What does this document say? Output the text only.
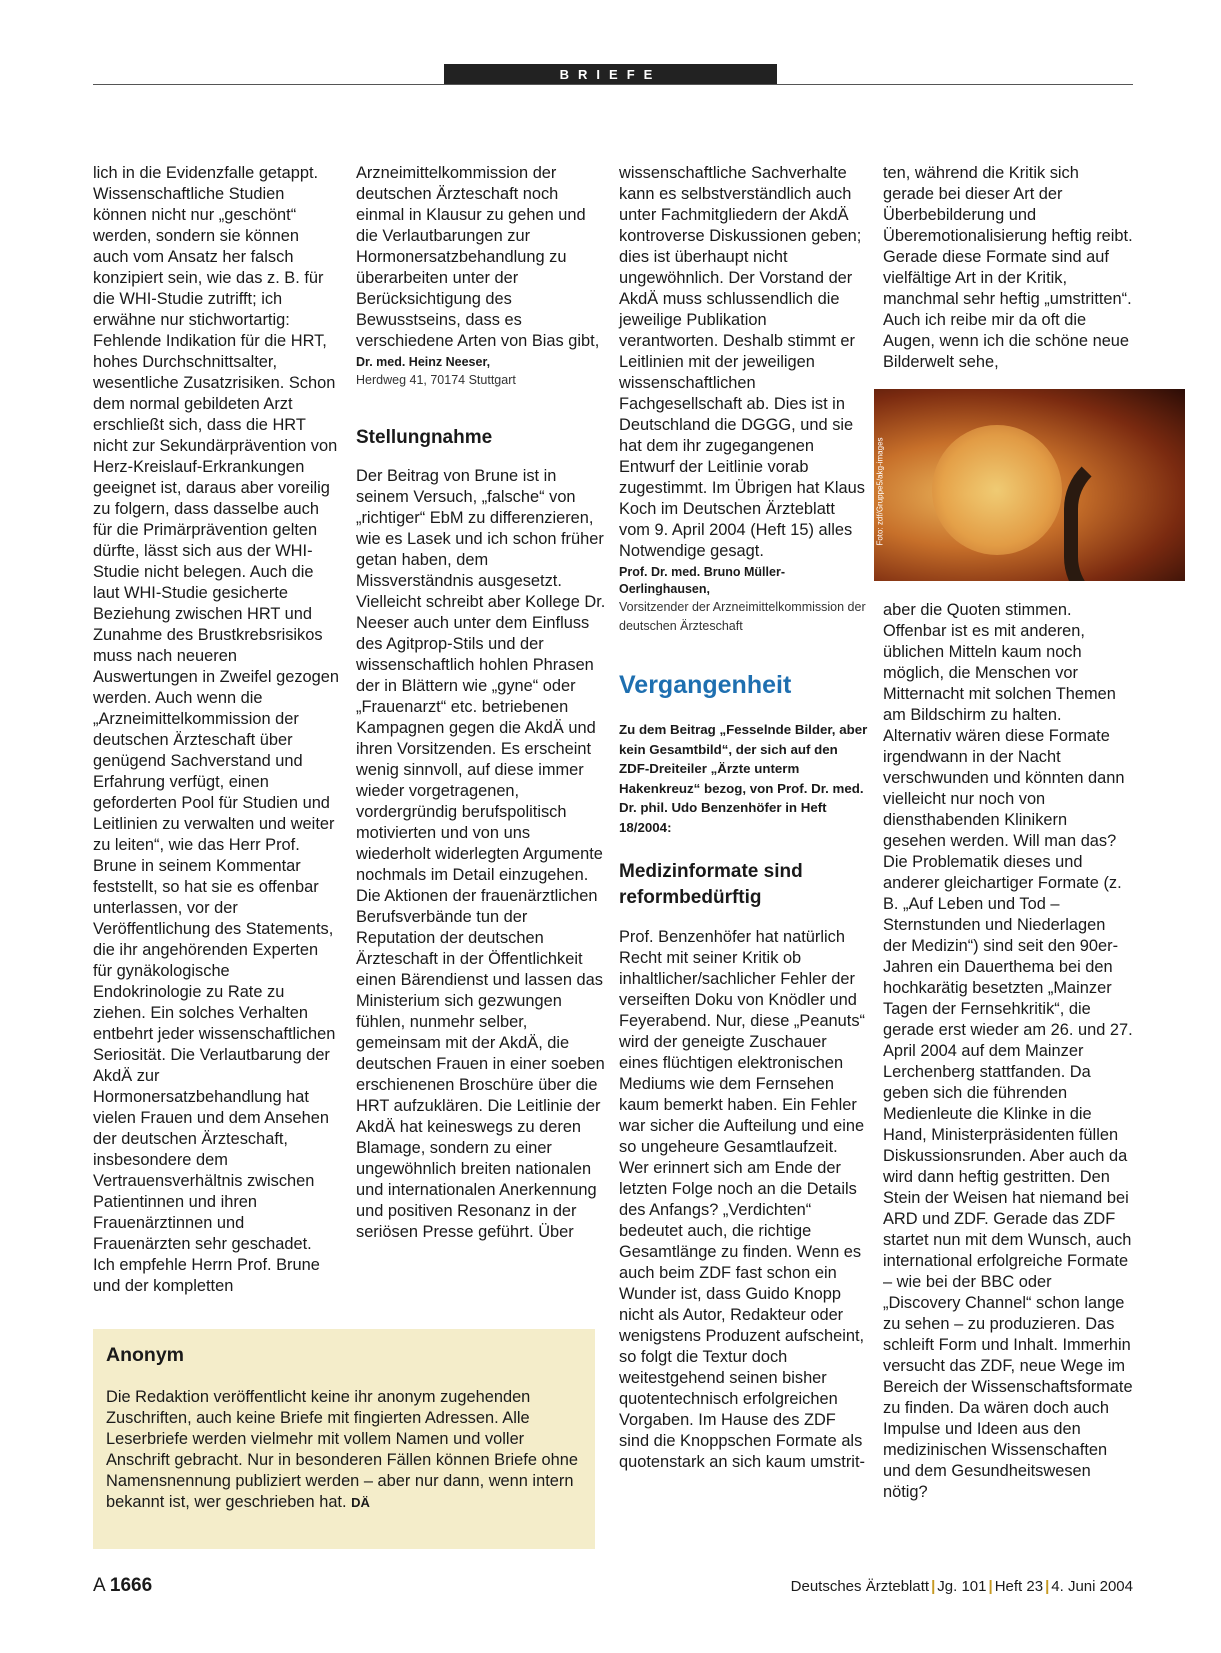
BRIEFE

lich in die Evidenzfalle getappt.

Wissenschaftliche Studien können nicht nur „geschönt“ werden, sondern sie können auch vom Ansatz her falsch konzipiert sein, wie das z. B. für die WHI-Studie zutrifft; ich erwähne nur stichwortartig: Fehlende Indikation für die HRT, hohes Durchschnittsalter, wesentliche Zusatzrisiken. Schon dem normal gebildeten Arzt erschließt sich, dass die HRT nicht zur Sekundärprävention von Herz-Kreislauf-Erkrankungen geeignet ist, daraus aber voreilig zu folgern, dass dasselbe auch für die Primärprävention gelten dürfte, lässt sich aus der WHI-Studie nicht belegen. Auch die laut WHI-Studie gesicherte Beziehung zwischen HRT und Zunahme des Brustkrebsrisikos muss nach neueren Auswertungen in Zweifel gezogen werden. Auch wenn die „Arzneimittelkommission der deutschen Ärzteschaft über genügend Sachverstand und Erfahrung verfügt, einen geforderten Pool für Studien und Leitlinien zu verwalten und weiter zu leiten“, wie das Herr Prof. Brune in seinem Kommentar feststellt, so hat sie es offenbar unterlassen, vor der Veröffentlichung des Statements, die ihr angehörenden Experten für gynäkologische Endokrinologie zu Rate zu ziehen. Ein solches Verhalten entbehrt jeder wissenschaftlichen Seriosität. Die Verlautbarung der AkdÄ zur Hormonersatzbehandlung hat vielen Frauen und dem Ansehen der deutschen Ärzteschaft, insbesondere dem Vertrauensverhältnis zwischen Patientinnen und ihren Frauenärztinnen und Frauenärzten sehr geschadet.

Ich empfehle Herrn Prof. Brune und der kompletten

Arzneimittelkommission der deutschen Ärzteschaft noch einmal in Klausur zu gehen und die Verlautbarungen zur Hormonersatzbehandlung zu überarbeiten unter der Berücksichtigung des Bewusstseins, dass es verschiedene Arten von Bias gibt,

Dr. med. Heinz Neeser,

Herdweg 41, 70174 Stuttgart

Stellungnahme

Der Beitrag von Brune ist in seinem Versuch, „falsche“ von „richtiger“ EbM zu differenzieren, wie es Lasek und ich schon früher getan haben, dem Missverständnis ausgesetzt. Vielleicht schreibt aber Kollege Dr. Neeser auch unter dem Einfluss des Agitprop-Stils und der wissenschaftlich hohlen Phrasen der in Blättern wie „gyne“ oder „Frauenarzt“ etc. betriebenen Kampagnen gegen die AkdÄ und ihren Vorsitzenden. Es erscheint wenig sinnvoll, auf diese immer wieder vorgetragenen, vordergründig berufspolitisch motivierten und von uns wiederholt widerlegten Argumente nochmals im Detail einzugehen. Die Aktionen der frauenärztlichen Berufsverbände tun der Reputation der deutschen Ärzteschaft in der Öffentlichkeit einen Bärendienst und lassen das Ministerium sich gezwungen fühlen, nunmehr selber, gemeinsam mit der AkdÄ, die deutschen Frauen in einer soeben erschienenen Broschüre über die HRT aufzuklären. Die Leitlinie der AkdÄ hat keineswegs zu deren Blamage, sondern zu einer ungewöhnlich breiten nationalen und internationalen Anerkennung und positiven Resonanz in der seriösen Presse geführt. Über

wissenschaftliche Sachverhalte kann es selbstverständlich auch unter Fachmitgliedern der AkdÄ kontroverse Diskussionen geben; dies ist überhaupt nicht ungewöhnlich. Der Vorstand der AkdÄ muss schlussendlich die jeweilige Publikation verantworten. Deshalb stimmt er Leitlinien mit der jeweiligen wissenschaftlichen Fachgesellschaft ab. Dies ist in Deutschland die DGGG, und sie hat dem ihr zugegangenen Entwurf der Leitlinie vorab zugestimmt. Im Übrigen hat Klaus Koch im Deutschen Ärzteblatt vom 9. April 2004 (Heft 15) alles Notwendige gesagt.

Prof. Dr. med. Bruno Müller-Oerlinghausen,

Vorsitzender der Arzneimittelkommission der deutschen Ärzteschaft

Vergangenheit

Zu dem Beitrag „Fesselnde Bilder, aber kein Gesamtbild“, der sich auf den ZDF-Dreiteiler „Ärzte unterm Hakenkreuz“ bezog, von Prof. Dr. med. Dr. phil. Udo Benzenhöfer in Heft 18/2004:

Medizinformate sind reformbedürftig

Prof. Benzenhöfer hat natürlich Recht mit seiner Kritik ob inhaltlicher/sachlicher Fehler der verseiften Doku von Knödler und Feyerabend. Nur, diese „Peanuts“ wird der geneigte Zuschauer eines flüchtigen elektronischen Mediums wie dem Fernsehen kaum bemerkt haben. Ein Fehler war sicher die Aufteilung und eine so ungeheure Gesamtlaufzeit. Wer erinnert sich am Ende der letzten Folge noch an die Details des Anfangs? „Verdichten“ bedeutet auch, die richtige Gesamtlänge zu finden. Wenn es auch beim ZDF fast schon ein Wunder ist, dass Guido Knopp nicht als Autor, Redakteur oder wenigstens Produzent aufscheint, so folgt die Textur doch weitestgehend seinen bisher quotentechnisch erfolgreichen Vorgaben. Im Hause des ZDF sind die Knoppschen Formate als quotenstark an sich kaum umstrit-

ten, während die Kritik sich gerade bei dieser Art der Überbebilderung und Überemotionalisierung heftig reibt. Gerade diese Formate sind auf vielfältige Art in der Kritik, manchmal sehr heftig „umstritten“. Auch ich reibe mir da oft die Augen, wenn ich die schöne neue Bilderwelt sehe,

Foto: zdf/Gruppe5/akg-images

aber die Quoten stimmen. Offenbar ist es mit anderen, üblichen Mitteln kaum noch möglich, die Menschen vor Mitternacht mit solchen Themen am Bildschirm zu halten. Alternativ wären diese Formate irgendwann in der Nacht verschwunden und könnten dann vielleicht nur noch von diensthabenden Klinikern gesehen werden. Will man das? Die Problematik dieses und anderer gleichartiger Formate (z. B. „Auf Leben und Tod – Sternstunden und Niederlagen der Medizin“) sind seit den 90er-Jahren ein Dauerthema bei den hochkarätig besetzten „Mainzer Tagen der Fernsehkritik“, die gerade erst wieder am 26. und 27. April 2004 auf dem Mainzer Lerchenberg stattfanden. Da geben sich die führenden Medienleute die Klinke in die Hand, Ministerpräsidenten füllen Diskussionsrunden. Aber auch da wird dann heftig gestritten. Den Stein der Weisen hat niemand bei ARD und ZDF. Gerade das ZDF startet nun mit dem Wunsch, auch international erfolgreiche Formate – wie bei der BBC oder „Discovery Channel“ schon lange zu sehen – zu produzieren. Das schleift Form und Inhalt. Immerhin versucht das ZDF, neue Wege im Bereich der Wissenschaftsformate zu finden. Da wären doch auch Impulse und Ideen aus den medizinischen Wissenschaften und dem Gesundheitswesen nötig?

Anonym
Die Redaktion veröffentlicht keine ihr anonym zugehenden Zuschriften, auch keine Briefe mit fingierten Adressen. Alle Leserbriefe werden vielmehr mit vollem Namen und voller Anschrift gebracht. Nur in besonderen Fällen können Briefe ohne Namensnennung publiziert werden – aber nur dann, wenn intern bekannt ist, wer geschrieben hat. DÄ
A 1666	Deutsches Ärzteblatt | Jg. 101 | Heft 23 | 4. Juni 2004
